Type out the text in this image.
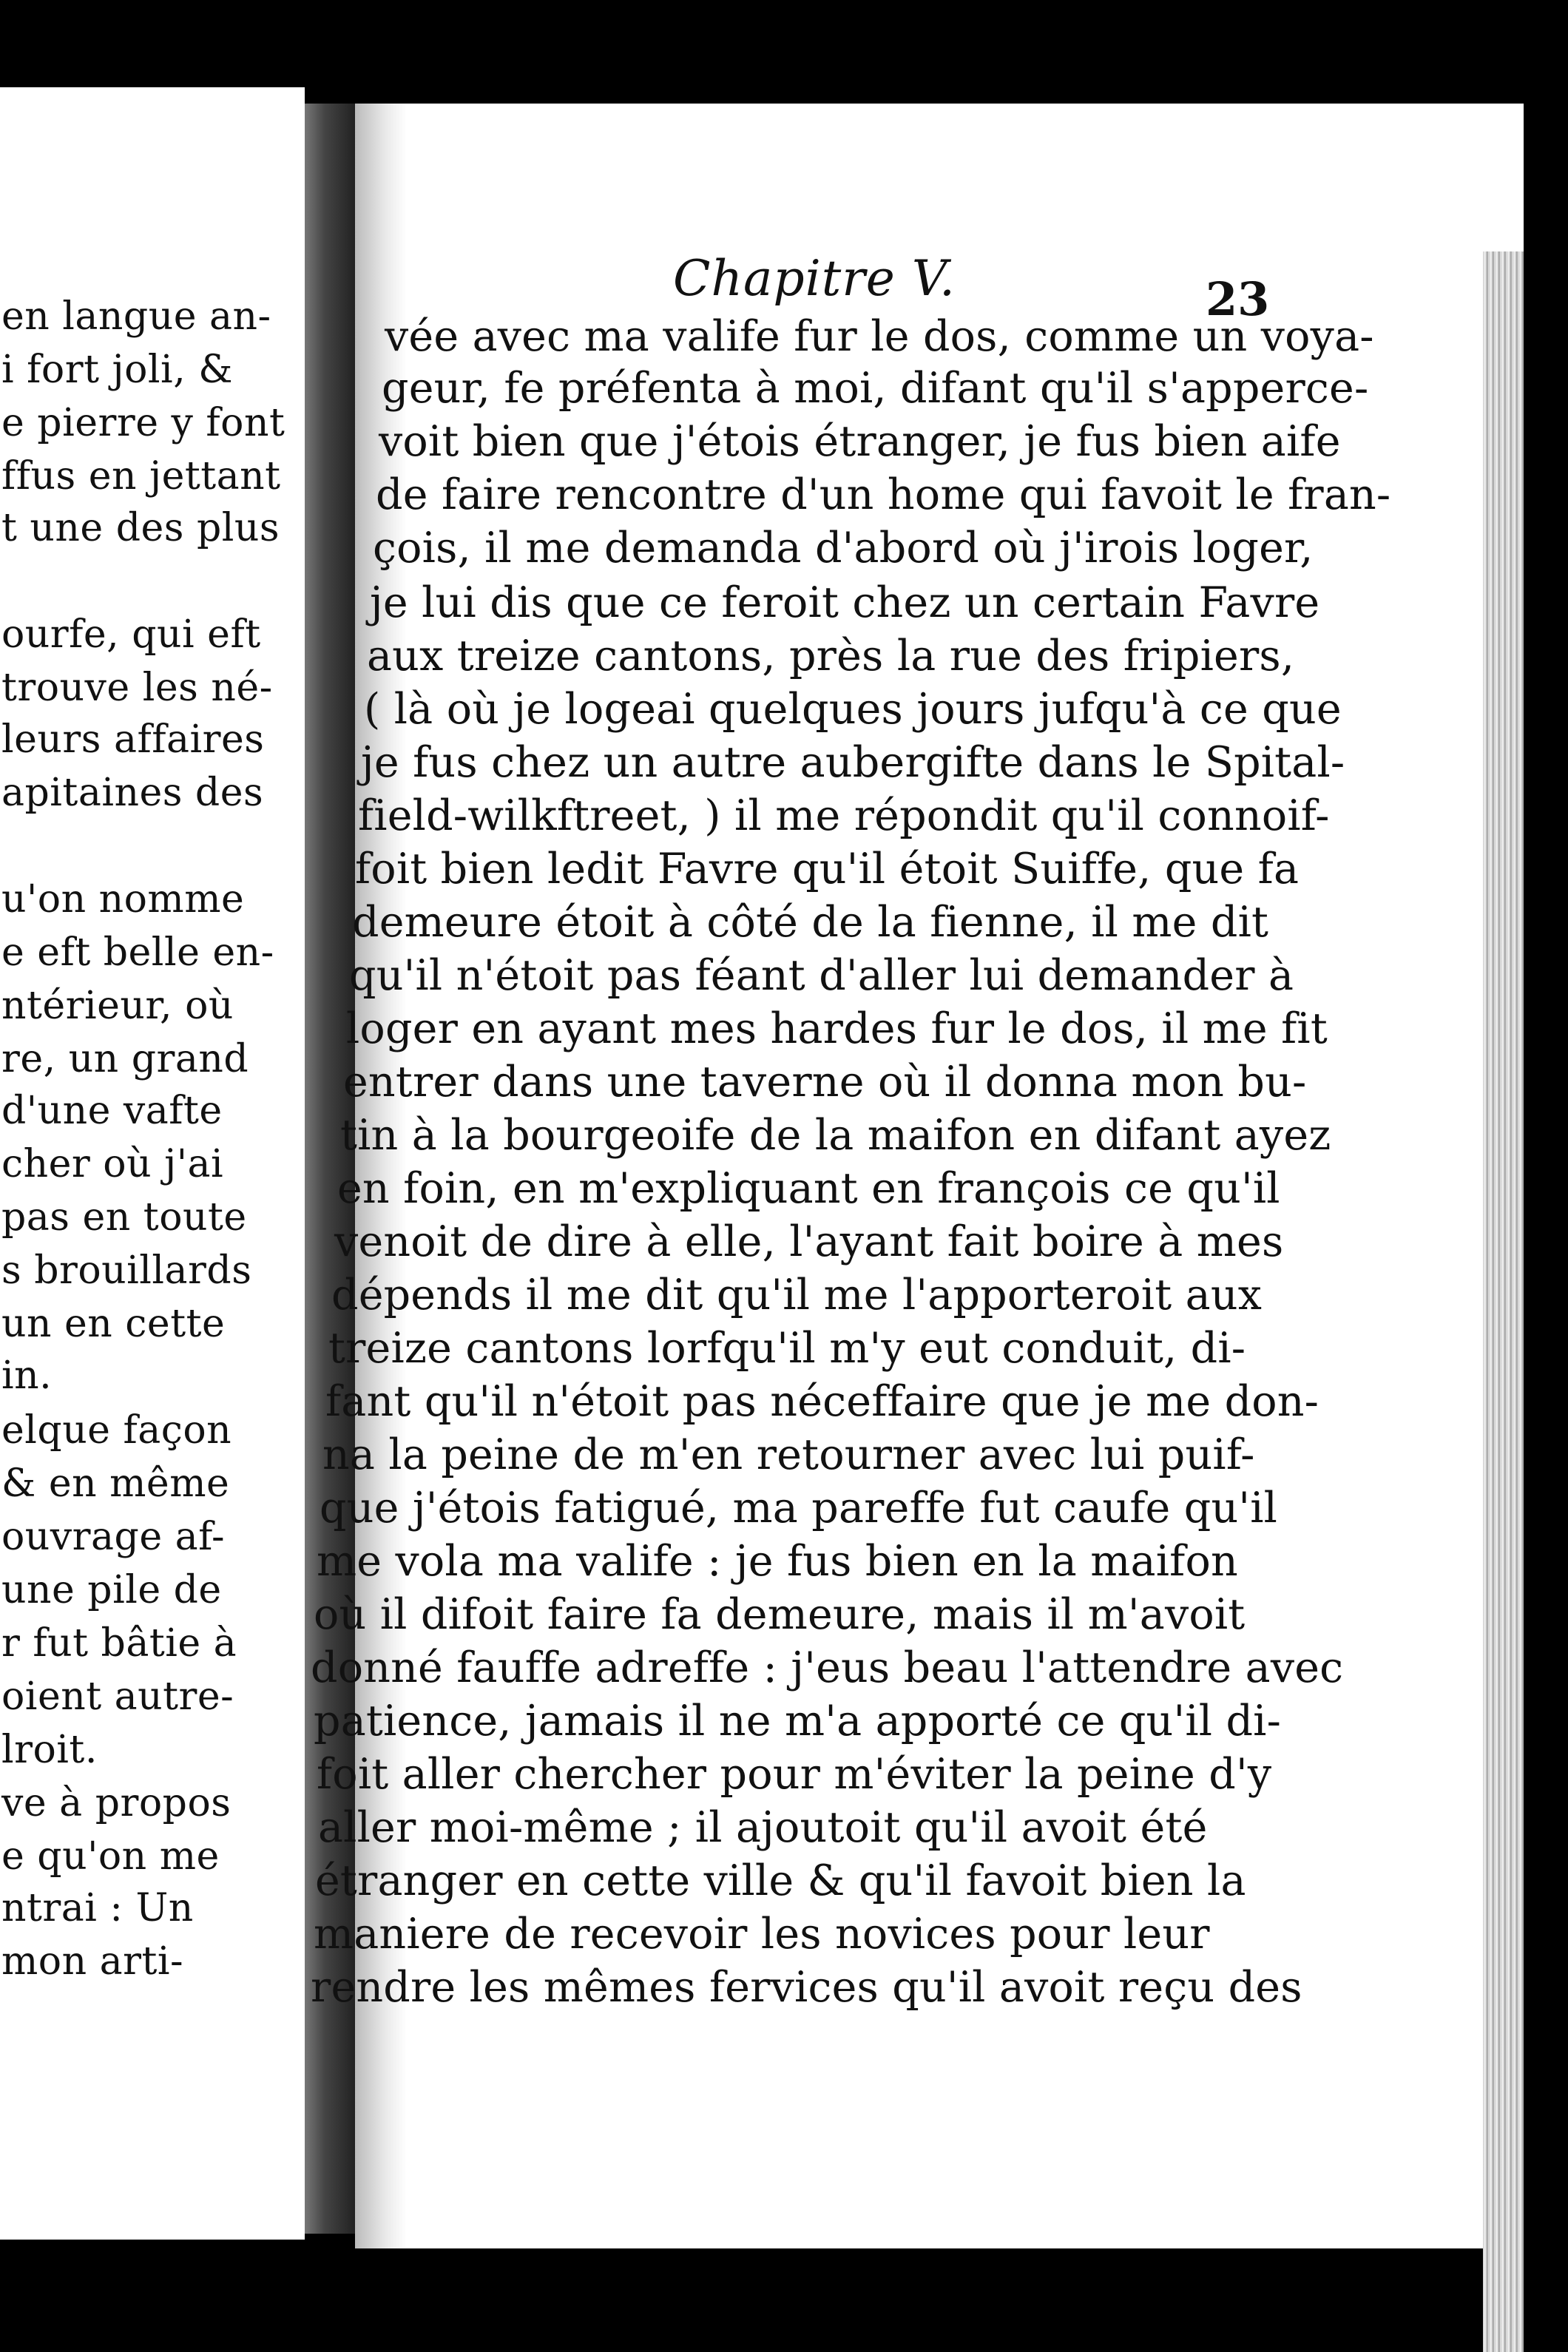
en langue an-
i fort joli, &
e pierre y font
ffus en jettant
t une des plus
ourfe, qui eft
trouve les né-
leurs affaires
apitaines des
u'on nomme
e eft belle en-
ntérieur, où
re, un grand
d'une vafte
cher où j'ai
pas en toute
s brouillards
un en cette
in.
elque façon
& en même
ouvrage af-
une pile de
r fut bâtie à
oient autre-
lroit.
ve à propos
e qu'on me
ntrai : Un
mon arti-
Chapitre V.	23
vée avec ma valife fur le dos, comme un voya-
geur, fe préfenta à moi, difant qu'il s'apperce-
voit bien que j'étois étranger, je fus bien aife
de faire rencontre d'un home qui favoit le fran-
çois, il me demanda d'abord où j'irois loger,
je lui dis que ce feroit chez un certain Favre
aux treize cantons, près la rue des fripiers,
( là où je logeai quelques jours jufqu'à ce que
je fus chez un autre aubergifte dans le Spital-
field-wilkftreet, ) il me répondit qu'il connoif-
foit bien ledit Favre qu'il étoit Suiffe, que fa
demeure étoit à côté de la fienne, il me dit
qu'il n'étoit pas féant d'aller lui demander à
loger en ayant mes hardes fur le dos, il me fit
entrer dans une taverne où il donna mon bu-
tin à la bourgeoife de la maifon en difant ayez
en foin, en m'expliquant en françois ce qu'il
venoit de dire à elle, l'ayant fait boire à mes
dépends il me dit qu'il me l'apporteroit aux
treize cantons lorfqu'il m'y eut conduit, di-
fant qu'il n'étoit pas néceffaire que je me don-
na la peine de m'en retourner avec lui puif-
que j'étois fatigué, ma pareffe fut caufe qu'il
me vola ma valife : je fus bien en la maifon
où il difoit faire fa demeure, mais il m'avoit
donné fauffe adreffe : j'eus beau l'attendre avec
patience, jamais il ne m'a apporté ce qu'il di-
foit aller chercher pour m'éviter la peine d'y
aller moi-même ; il ajoutoit qu'il avoit été
étranger en cette ville & qu'il favoit bien la
maniere de recevoir les novices pour leur
rendre les mêmes fervices qu'il avoit reçu des
